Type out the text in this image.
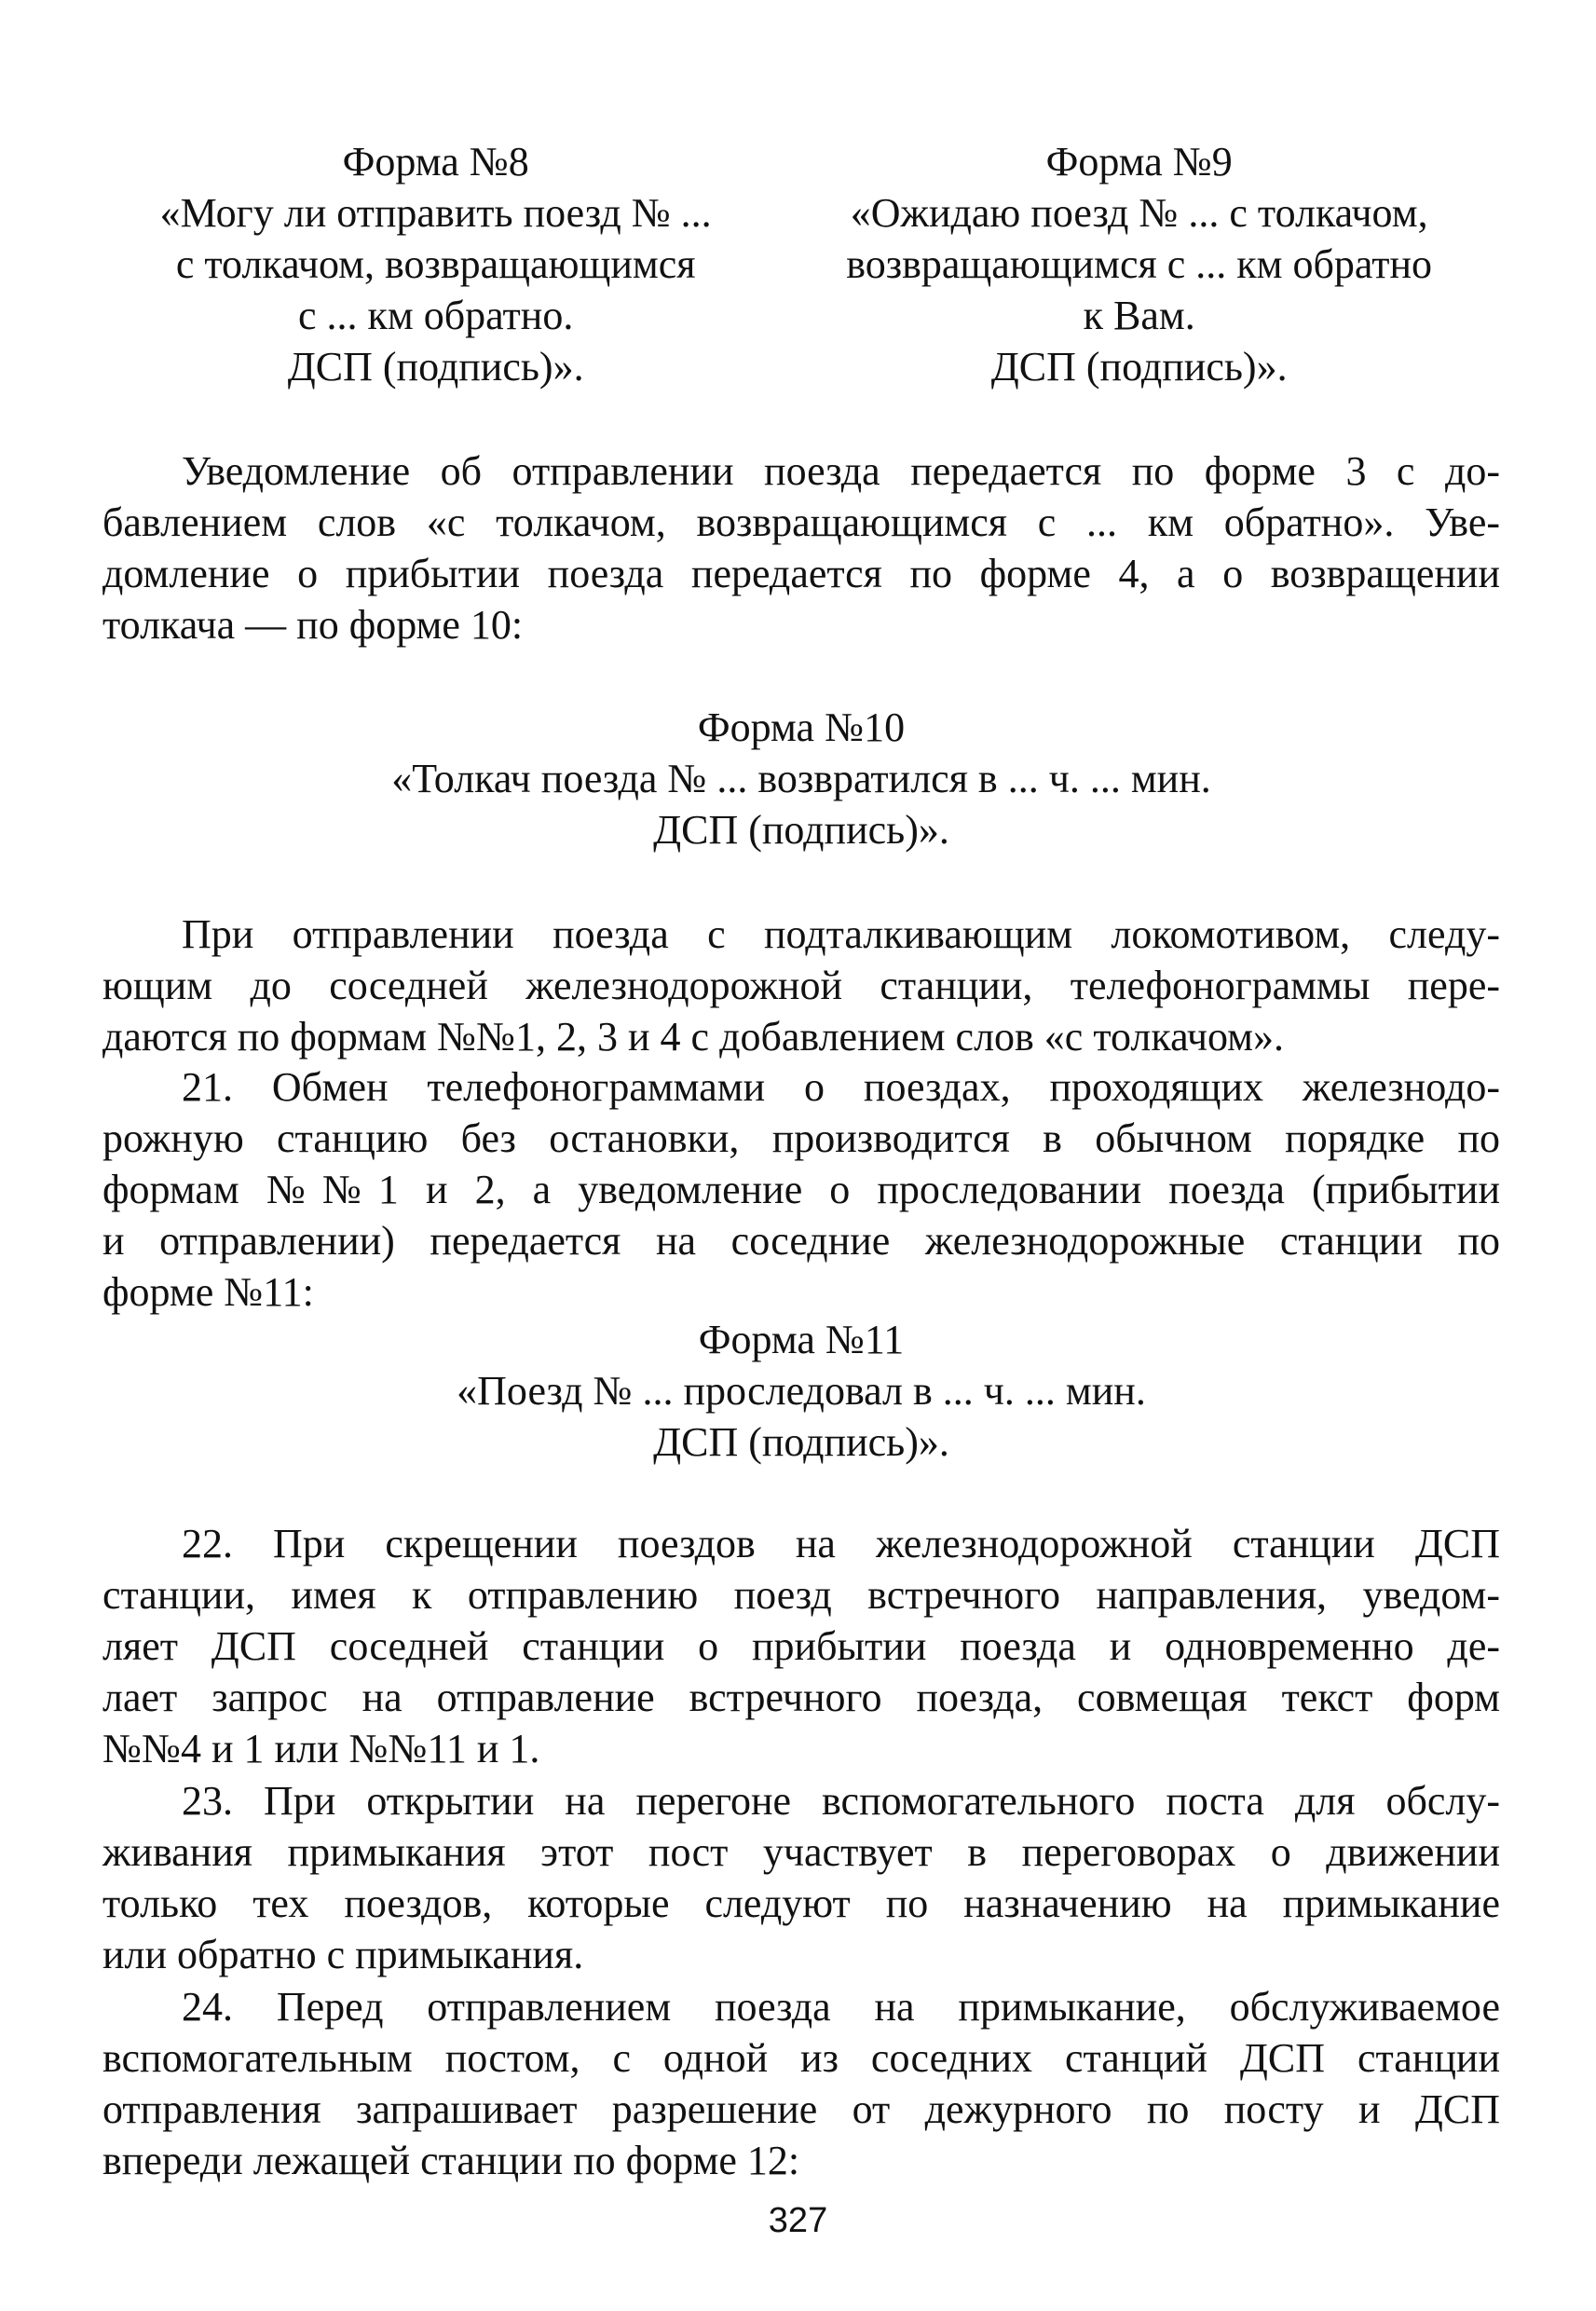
Форма №8
«Могу ли отправить поезд № ...
с толкачом, возвращающимся
с ... км обратно.
ДСП (подпись)».
Форма №9
«Ожидаю поезд № ... с толкачом,
возвращающимся с ... км обратно
к Вам.
ДСП (подпись)».
Уведомление об отправлении поезда передается по форме 3 с до-
бавлением слов «с толкачом, возвращающимся с ... км обратно». Уве-
домление о прибытии поезда передается по форме 4, а о возвращении
толкача — по форме 10:
Форма №10
«Толкач поезда № ... возвратился в ... ч. ... мин.
ДСП (подпись)».
При отправлении поезда с подталкивающим локомотивом, следу-
ющим до соседней железнодорожной станции, телефонограммы пере-
даются по формам №№1, 2, 3 и 4 с добавлением слов «с толкачом».
21. Обмен телефонограммами о поездах, проходящих железнодо-
рожную станцию без остановки, производится в обычном порядке по
формам №№1 и 2, а уведомление о проследовании поезда (прибытии
и отправлении) передается на соседние железнодорожные станции по
форме №11:
Форма №11
«Поезд № ... проследовал в ... ч. ... мин.
ДСП (подпись)».
22. При скрещении поездов на железнодорожной станции ДСП
станции, имея к отправлению поезд встречного направления, уведом-
ляет ДСП соседней станции о прибытии поезда и одновременно де-
лает запрос на отправление встречного поезда, совмещая текст форм
№№4 и 1 или №№11 и 1.
23. При открытии на перегоне вспомогательного поста для обслу-
живания примыкания этот пост участвует в переговорах о движении
только тех поездов, которые следуют по назначению на примыкание
или обратно с примыкания.
24. Перед отправлением поезда на примыкание, обслуживаемое
вспомогательным постом, с одной из соседних станций ДСП станции
отправления запрашивает разрешение от дежурного по посту и ДСП
впереди лежащей станции по форме 12:
327
